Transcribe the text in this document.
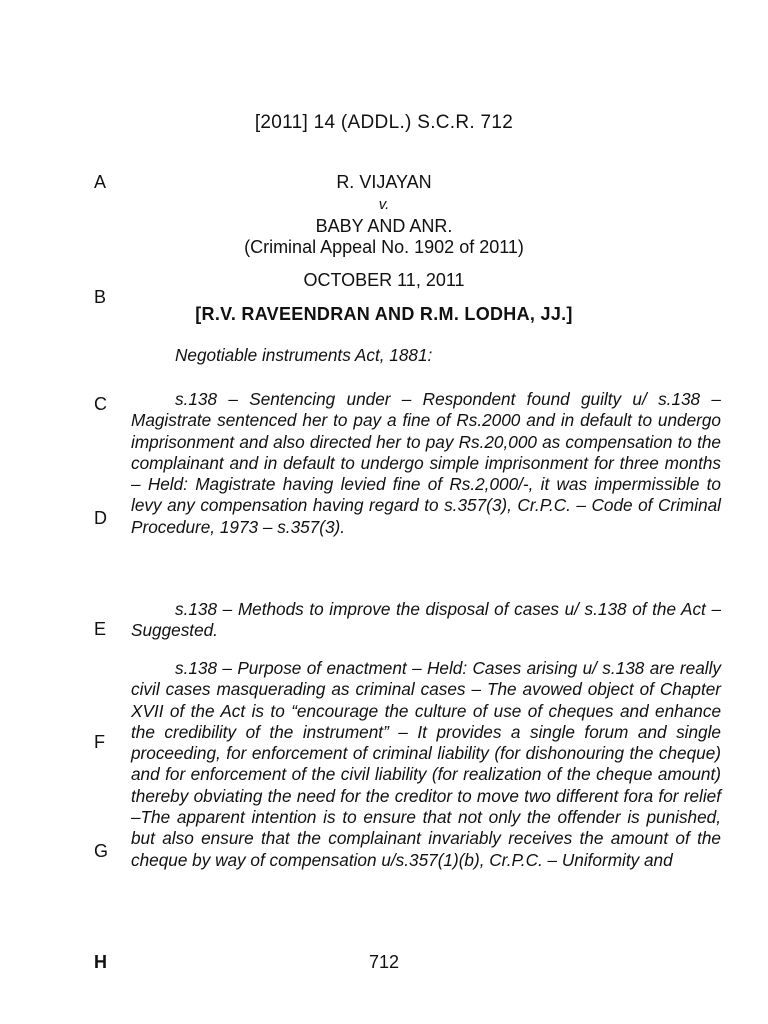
[2011] 14 (ADDL.) S.C.R. 712
A
B
C
D
E
F
G
R. VIJAYAN
v.
BABY AND ANR.
(Criminal Appeal No. 1902 of 2011)
OCTOBER 11, 2011
[R.V. RAVEENDRAN AND R.M. LODHA, JJ.]

Negotiable instruments Act, 1881:

s.138 – Sentencing under – Respondent found guilty u/ s.138 – Magistrate sentenced her to pay a fine of Rs.2000 and in default to undergo imprisonment and also directed her to pay Rs.20,000 as compensation to the complainant and in default to undergo simple imprisonment for three months – Held: Magistrate having levied fine of Rs.2,000/-, it was impermissible to levy any compensation having regard to s.357(3), Cr.P.C. – Code of Criminal Procedure, 1973 – s.357(3).

s.138 – Methods to improve the disposal of cases u/ s.138 of the Act – Suggested.

s.138 – Purpose of enactment – Held: Cases arising u/ s.138 are really civil cases masquerading as criminal cases – The avowed object of Chapter XVII of the Act is to “encourage the culture of use of cheques and enhance the credibility of the instrument” – It provides a single forum and single proceeding, for enforcement of criminal liability (for dishonouring the cheque) and for enforcement of the civil liability (for realization of the cheque amount) thereby obviating the need for the creditor to move two different fora for relief –The apparent intention is to ensure that not only the offender is punished, but also ensure that the complainant invariably receives the amount of the cheque by way of compensation u/s.357(1)(b), Cr.P.C. – Uniformity and

H	712
